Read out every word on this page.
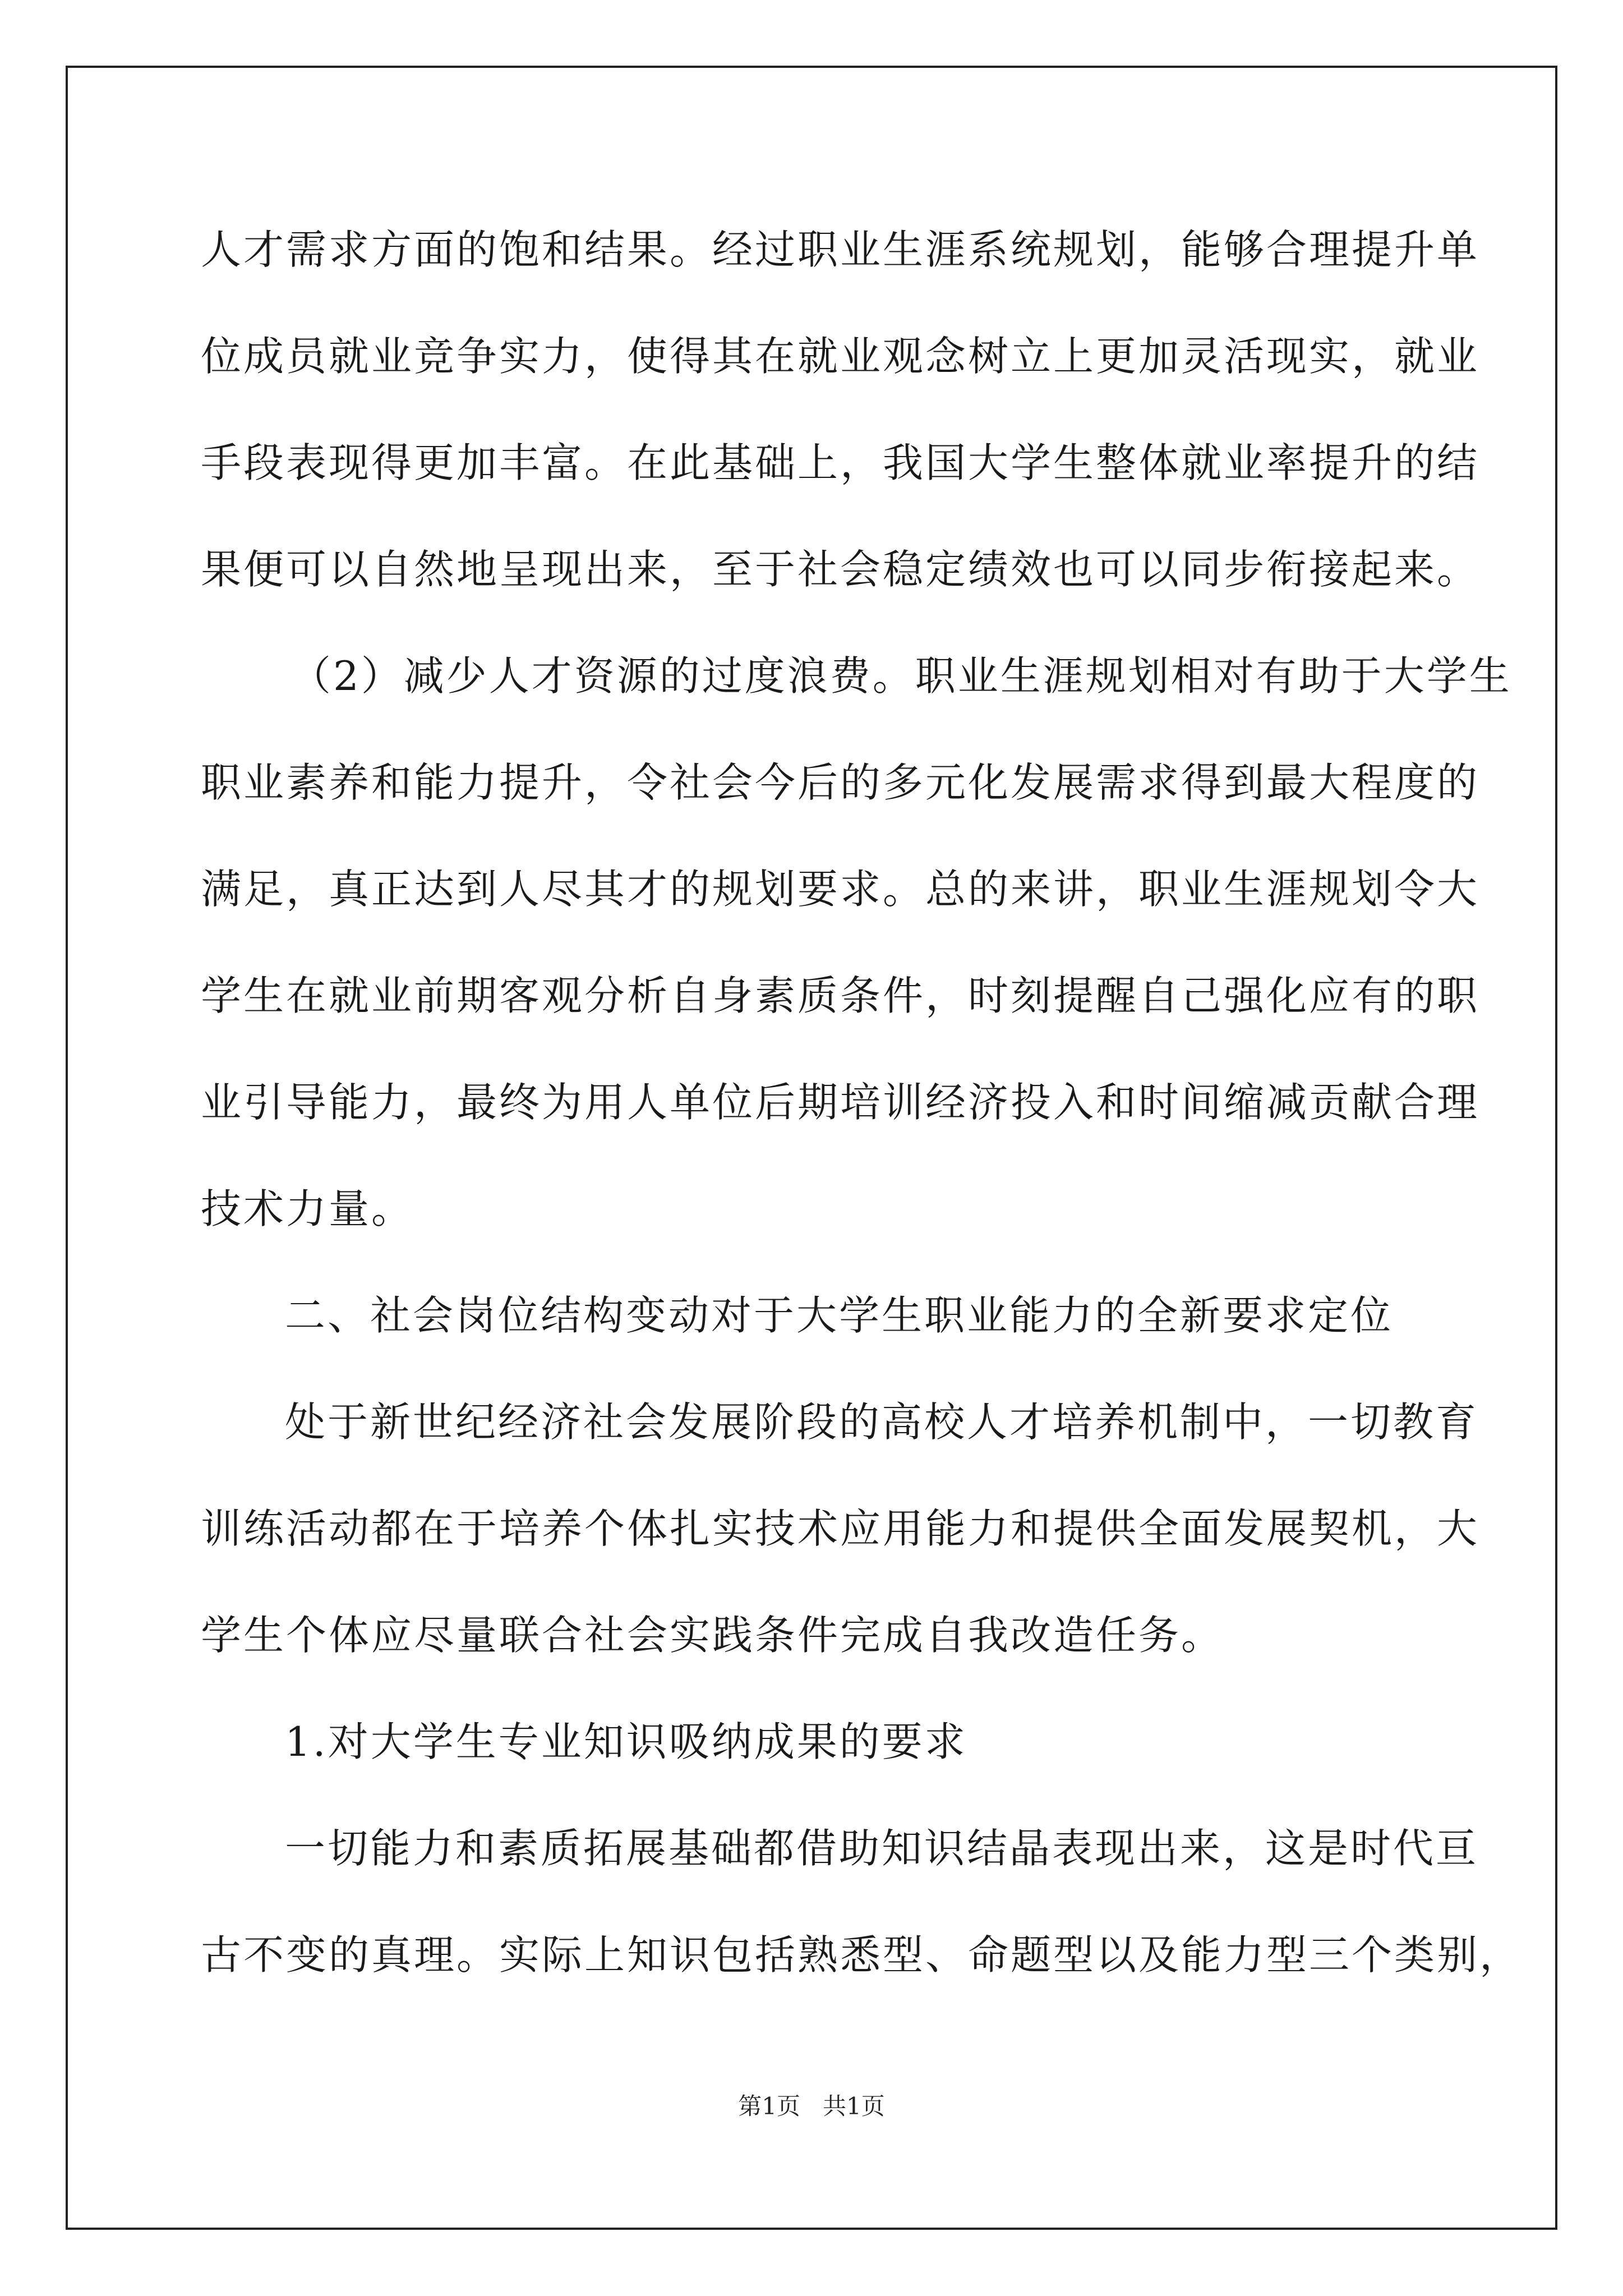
人才需求方面的饱和结果。经过职业生涯系统规划，能够合理提升单
位成员就业竞争实力，使得其在就业观念树立上更加灵活现实，就业
手段表现得更加丰富。在此基础上，我国大学生整体就业率提升的结
果便可以自然地呈现出来，至于社会稳定绩效也可以同步衔接起来。
（2）减少人才资源的过度浪费。职业生涯规划相对有助于大学生
职业素养和能力提升，令社会今后的多元化发展需求得到最大程度的
满足，真正达到人尽其才的规划要求。总的来讲，职业生涯规划令大
学生在就业前期客观分析自身素质条件，时刻提醒自己强化应有的职
业引导能力，最终为用人单位后期培训经济投入和时间缩减贡献合理
技术力量。
二、社会岗位结构变动对于大学生职业能力的全新要求定位
处于新世纪经济社会发展阶段的高校人才培养机制中，一切教育
训练活动都在于培养个体扎实技术应用能力和提供全面发展契机，大
学生个体应尽量联合社会实践条件完成自我改造任务。
1.对大学生专业知识吸纳成果的要求
一切能力和素质拓展基础都借助知识结晶表现出来，这是时代亘
古不变的真理。实际上知识包括熟悉型、命题型以及能力型三个类别，
第1页 共1页
